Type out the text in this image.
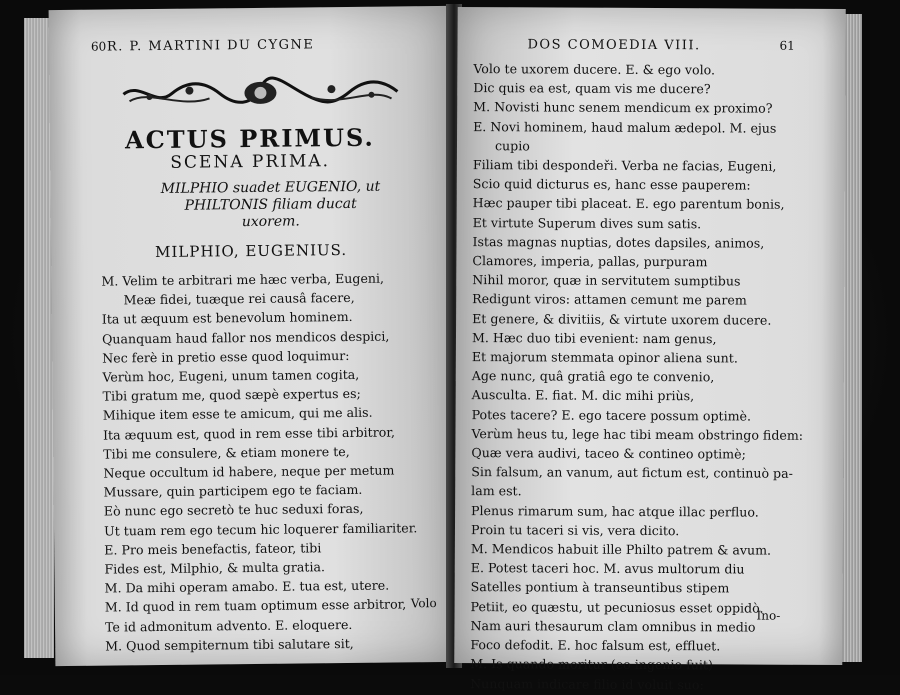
60 R. P. MARTINI DU CYGNE
ACTUS PRIMUS.
SCENA PRIMA.
MILPHIO suadet EUGENIO, ut
PHILTONIS filiam ducat
uxorem.
MILPHIO, EUGENIUS.
M. Velim te arbitrari me hæc verba, Eugeni,
Meæ fidei, tuæque rei causâ facere,
Ita ut æquum est benevolum hominem.
Quanquam haud fallor nos mendicos despici,
Nec ferè in pretio esse quod loquimur:
Verùm hoc, Eugeni, unum tamen cogita,
Tibi gratum me, quod sæpè expertus es;
Mihique item esse te amicum, qui me alis.
Ita æquum est, quod in rem esse tibi arbitror,
Tibi me consulere, & etiam monere te,
Neque occultum id habere, neque per metum
Mussare, quin participem ego te faciam.
Eò nunc ego secretò te huc seduxi foras,
Ut tuam rem ego tecum hic loquerer familiariter.
E. Pro meis benefactis, fateor, tibi
Fides est, Milphio, & multa gratia.
M. Da mihi operam amabo. E. tua est, utere.
M. Id quod in rem tuam optimum esse arbitror,
Te id admonitum advento. E. eloquere.
M. Quod sempiternum tibi salutare sit,
Volo
DOS COMOEDIA VIII.	61
Volo te uxorem ducere. E. & ego volo.
Dic quis ea est, quam vis me ducere?
M. Novisti hunc senem mendicum ex proximo?
E. Novi hominem, haud malum ædepol. M. ejus
cupio
Filiam tibi despondeři. Verba ne facias, Eugeni,
Scio quid dicturus es, hanc esse pauperem:
Hæc pauper tibi placeat. E. ego parentum bonis,
Et virtute Superum dives sum satis.
Istas magnas nuptias, dotes dapsiles, animos,
Clamores, imperia, pallas, purpuram
Nihil moror, quæ in servitutem sumptibus
Redigunt viros: attamen cemunt me parem
Et genere, & divitiis, & virtute uxorem ducere.
M. Hæc duo tibi evenient: nam genus,
Et majorum stemmata opinor aliena sunt.
Age nunc, quâ gratiâ ego te convenio,
Ausculta. E. fiat. M. dic mihi priùs,
Potes tacere? E. ego tacere possum optimè.
Verùm heus tu, lege hac tibi meam obstringo fidem:
Quæ vera audivi, taceo & contineo optimè;
Sin falsum, an vanum, aut fictum est, continuò pa-
lam est.
Plenus rimarum sum, hac atque illac perfluo.
Proin tu taceri si vis, vera dicito.
M. Mendicos habuit ille Philto patrem & avum.
E. Potest taceri hoc. M. avus multorum diu
Satelles pontium à transeuntibus stipem
Petiit, eo quæstu, ut pecuniosus esset oppidò.
Nam auri thesaurum clam omnibus in medio
Foco defodit. E. hoc falsum est, effluet.
M. Is quando moritur (eo ingenio fuit)
Nunquam indicare filio id voluit suo:
Ino-
